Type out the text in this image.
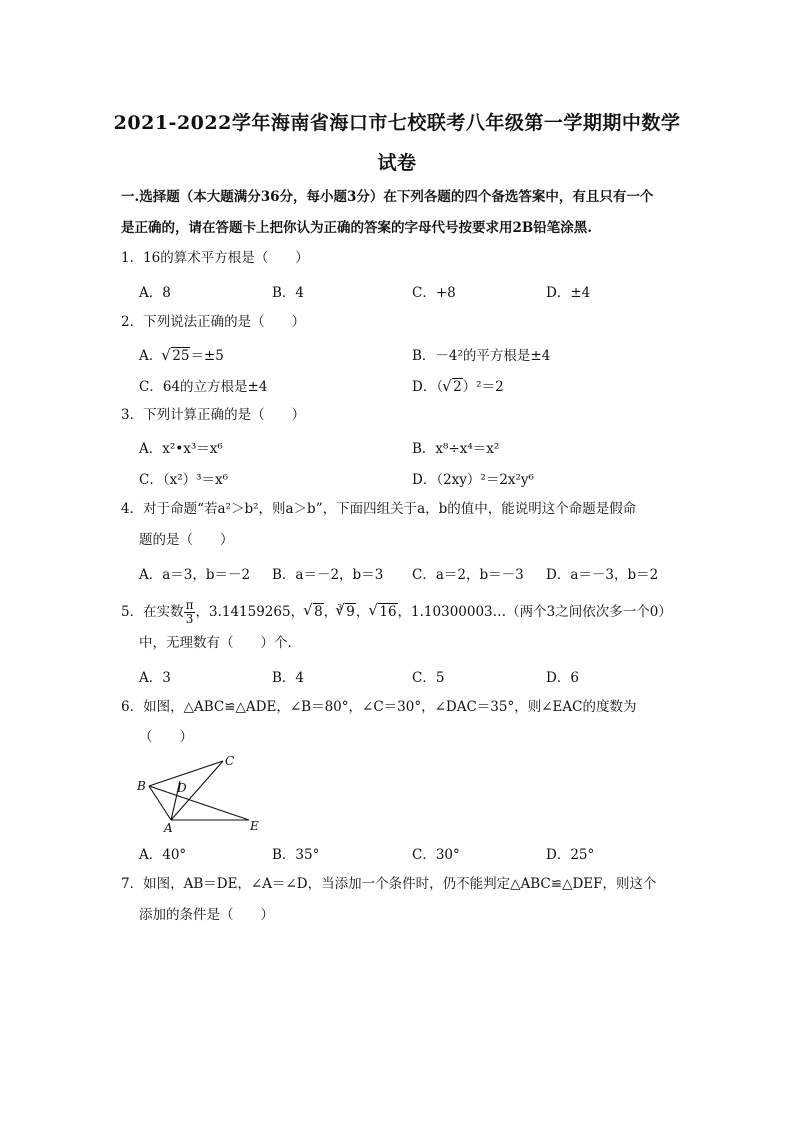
2021-2022学年海南省海口市七校联考八年级第一学期期中数学
试卷
一.选择题（本大题满分36分，每小题3分）在下列各题的四个备选答案中，有且只有一个
是正确的，请在答题卡上把你认为正确的答案的字母代号按要求用2B铅笔涂黑.
1．16的算术平方根是（　　）
A．8	B．4	C．+8	D．±4
2．下列说法正确的是（　　）
A． √ 25＝±5	B．－4²的平方根是±4
C．64的立方根是±4	D．（ √ 2）²＝2
3．下列计算正确的是（　　）
A．x²•x³＝x⁶	B．x⁸÷x⁴＝x²
C．（x²）³＝x⁶	D．（2xy）²＝2x²y⁶
4．对于命题“若a²＞b²，则a＞b”，下面四组关于a，b的值中，能说明这个命题是假命
题的是（　　）
A．a＝3，b＝－2 B．a＝－2，b＝3 C．a＝2，b＝－3 D．a＝－3，b＝2
5．在实数 $\frac{\pi}{3}$ ，3.14159265， √ 8，$^3$ √ 9， √ 16，1.10300003…（两个3之间依次多一个0）
中，无理数有（　　）个．
A．3	B．4	C．5	D．6
6．如图，△ABC≌△ADE，∠B＝80°，∠C＝30°，∠DAC＝35°，则∠EAC的度数为
（　　）
B
C
D
A	E
A．40°	B．35°	C．30°	D．25°
7．如图，AB＝DE，∠A＝∠D，当添加一个条件时，仍不能判定△ABC≌△DEF，则这个
添加的条件是（　　）
